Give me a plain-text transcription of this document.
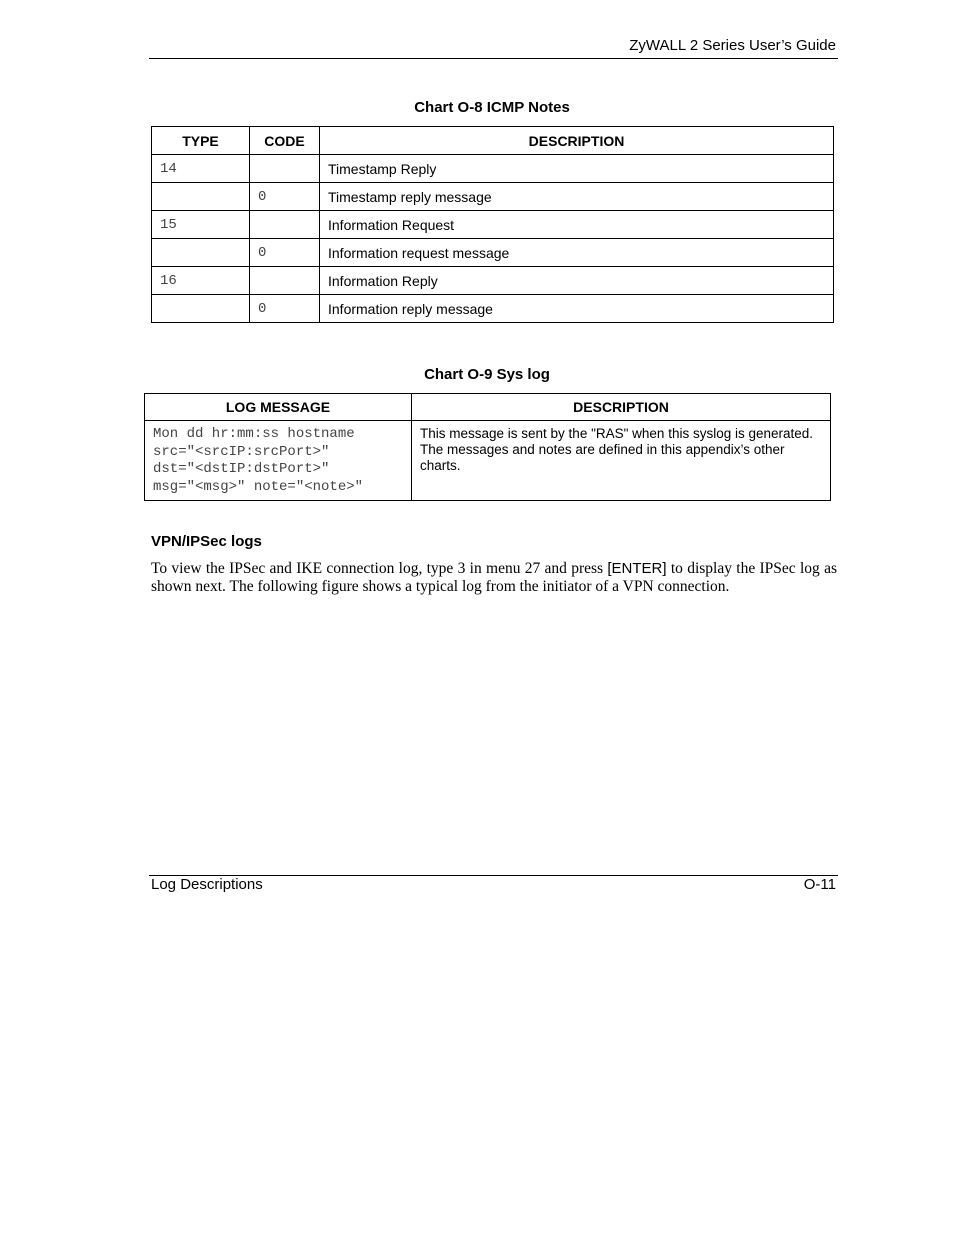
ZyWALL 2 Series User’s Guide
Chart O-8 ICMP Notes
TYPE	CODE	DESCRIPTION
14		Timestamp Reply
	0	Timestamp reply message
15		Information Request
	0	Information request message
16		Information Reply
	0	Information reply message
Chart O-9 Sys log
LOG MESSAGE	DESCRIPTION
Mon dd hr:mm:ss hostname
src="<srcIP:srcPort>"
dst="<dstIP:dstPort>"
msg="<msg>" note="<note>"	This message is sent by the "RAS" when this syslog is generated. The messages and notes are defined in this appendix’s other charts.
VPN/IPSec logs
To view the IPSec and IKE connection log, type 3 in menu 27 and press [ENTER] to display the IPSec log as shown next. The following figure shows a typical log from the initiator of a VPN connection.
Log Descriptions	O-11
